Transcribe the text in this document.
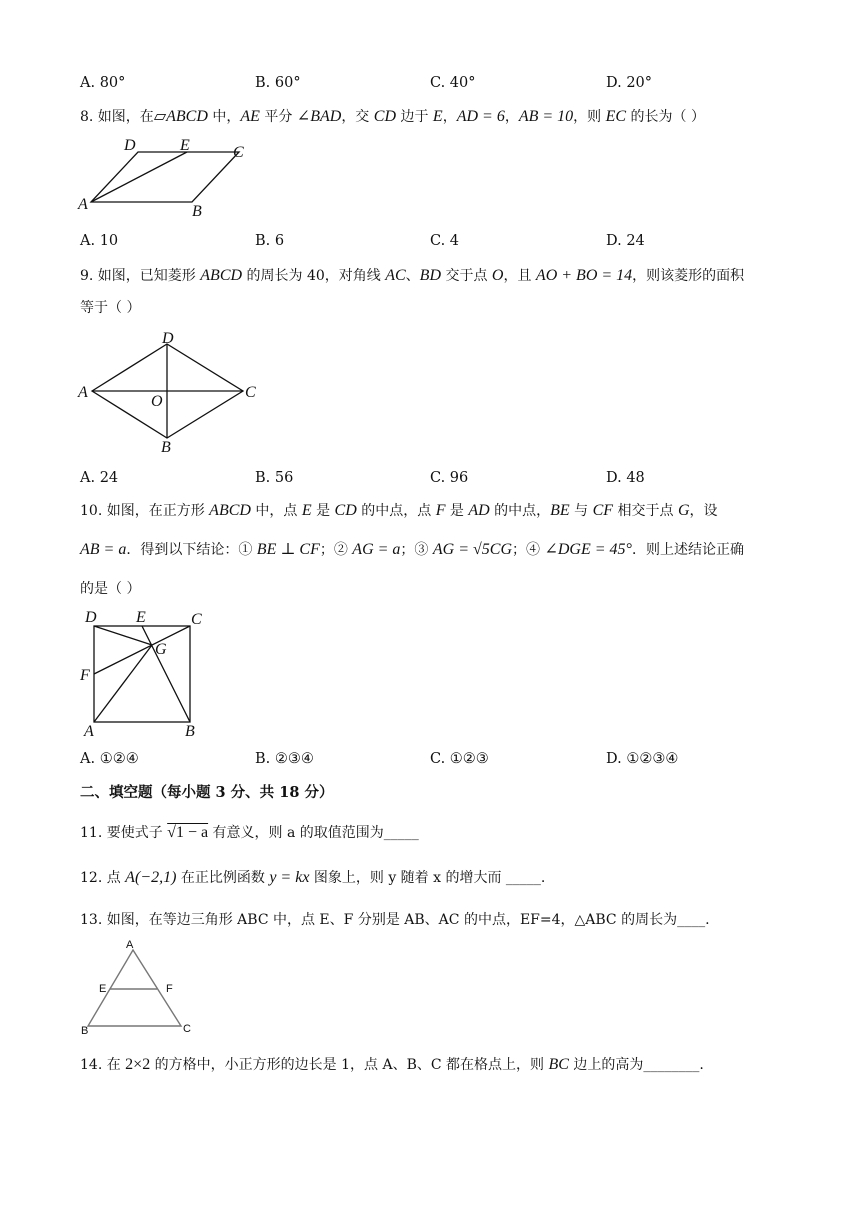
A. 80°	B. 60°	C. 40°	D. 20°
8. 如图，在▱ABCD 中，AE 平分 ∠BAD，交 CD 边于 E，AD = 6，AB = 10，则 EC 的长为（ ）
D	E	C
A	B
A. 10	B. 6	C. 4	D. 24
9. 如图，已知菱形 ABCD 的周长为 40，对角线 AC、BD 交于点 O，且 AO + BO = 14，则该菱形的面积
等于（ ）
D
A
O
C
B
A. 24	B. 56	C. 96	D. 48
10. 如图，在正方形 ABCD 中，点 E 是 CD 的中点，点 F 是 AD 的中点，BE 与 CF 相交于点 G，设
AB = a．得到以下结论：① BE ⊥ CF；② AG = a；③ AG = √5CG；④ ∠DGE = 45°．则上述结论正确
的是（ ）
D E	C
G
F
A	B
A. ①②④	B. ②③④	C. ①②③	D. ①②③④
二、填空题（每小题 3 分、共 18 分）
11. 要使式子 √1 − a 有意义，则 a 的取值范围为_____
12. 点 A(−2,1) 在正比例函数 y = kx 图象上，则 y 随着 x 的增大而 _____.
13. 如图，在等边三角形 ABC 中，点 E、F 分别是 AB、AC 的中点，EF=4，△ABC 的周长为____.
A
E	F
B	C
14. 在 2×2 的方格中，小正方形的边长是 1，点 A、B、C 都在格点上，则 BC 边上的高为________.
